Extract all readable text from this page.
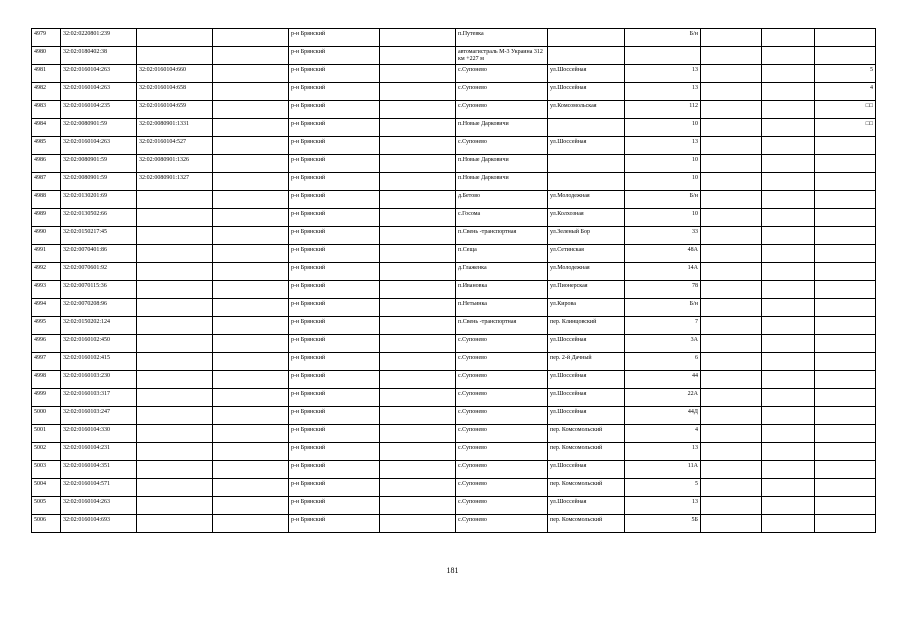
4979	32:02:0220801:239			р-н Брянский		п.Путевка		Б/н			
4980	32:02:0180402:38			р-н Брянский		автомагистраль М-3 Украина 312 км +227 м					
4981	32:02:0160104:263	32:02:0160104:660		р-н Брянский		с.Супонево	ул.Шоссейная	13			5
4982	32:02:0160104:263	32:02:0160104:658		р-н Брянский		с.Супонево	ул.Шоссейная	13			4
4983	32:02:0160104:235	32:02:0160104:659		р-н Брянский		с.Супонево	ул.Комсомольская	112			□□
4984	32:02:0080901:59	32:02:0080901:1331		р-н Брянский		п.Новые Дарковичи		10			□□
4985	32:02:0160104:263	32:02:0160104:527		р-н Брянский		с.Супонево	ул.Шоссейная	13			
4986	32:02:0080901:59	32:02:0080901:1326		р-н Брянский		п.Новые Дарковичи		10			
4987	32:02:0080901:59	32:02:0080901:1327		р-н Брянский		п.Новые Дарковичи		10			
4988	32:02:0130201:69			р-н Брянский		д.Бетово	ул.Молодежная	Б/н			
4989	32:02:0130502:66			р-н Брянский		с.Госома	ул.Колхозная	10			
4990	32:02:0150217:45			р-н Брянский		п.Свень -транспортная	ул.Зеленый Бор	33			
4991	32:02:0070401:86			р-н Брянский		п.Сеща	ул.Сетинская	48А			
4992	32:02:0070601:92			р-н Брянский		д.Глаженка	ул.Молодежная	14А			
4993	32:02:0070115:36			р-н Брянский		п.Ивановка	ул.Пионерская	78			
4994	32:02:0070208:96			р-н Брянский		п.Нетьинка	ул.Кирова	Б/н			
4995	32:02:0150202:124			р-н Брянский		п.Свень -транспортная	пер. Клинцовский	7			
4996	32:02:0160102:450			р-н Брянский		с.Супонево	ул.Шоссейная	3А			
4997	32:02:0160102:415			р-н Брянский		с.Супонево	пер. 2-й Дачный	6			
4998	32:02:0160103:230			р-н Брянский		с.Супонево	ул.Шоссейная	44			
4999	32:02:0160103:317			р-н Брянский		с.Супонево	ул.Шоссейная	22А			
5000	32:02:0160103:247			р-н Брянский		с.Супонево	ул.Шоссейная	44Д			
5001	32:02:0160104:330			р-н Брянский		с.Супонево	пер. Комсомольский	4			
5002	32:02:0160104:231			р-н Брянский		с.Супонево	пер. Комсомольский	13			
5003	32:02:0160104:351			р-н Брянский		с.Супонево	ул.Шоссейная	11А			
5004	32:02:0160104:571			р-н Брянский		с.Супонево	пер. Комсомольский	5			
5005	32:02:0160104:263			р-н Брянский		с.Супонево	ул.Шоссейная	13			
5006	32:02:0160104:693			р-н Брянский		с.Супонево	пер. Комсомольский	5Б			
181
